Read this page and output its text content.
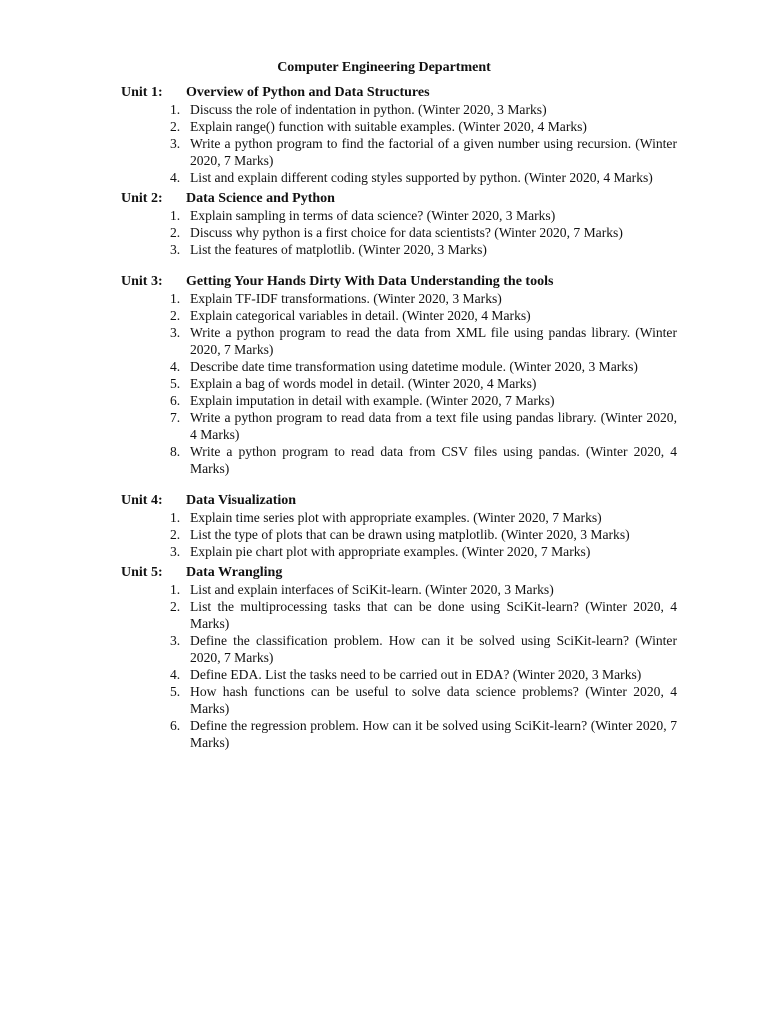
Computer Engineering Department
Unit 1:	Overview of Python and Data Structures
1. Discuss the role of indentation in python. (Winter 2020, 3 Marks)
2. Explain range() function with suitable examples. (Winter 2020, 4 Marks)
3. Write a python program to find the factorial of a given number using recursion. (Winter 2020, 7 Marks)
4. List and explain different coding styles supported by python. (Winter 2020, 4 Marks)
Unit 2:	Data Science and Python
1. Explain sampling in terms of data science? (Winter 2020, 3 Marks)
2. Discuss why python is a first choice for data scientists? (Winter 2020, 7 Marks)
3. List the features of matplotlib. (Winter 2020, 3 Marks)
Unit 3:	Getting Your Hands Dirty With Data Understanding the tools
1. Explain TF-IDF transformations. (Winter 2020, 3 Marks)
2. Explain categorical variables in detail. (Winter 2020, 4 Marks)
3. Write a python program to read the data from XML file using pandas library. (Winter 2020, 7 Marks)
4. Describe date time transformation using datetime module. (Winter 2020, 3 Marks)
5. Explain a bag of words model in detail. (Winter 2020, 4 Marks)
6. Explain imputation in detail with example. (Winter 2020, 7 Marks)
7. Write a python program to read data from a text file using pandas library. (Winter 2020, 4 Marks)
8. Write a python program to read data from CSV files using pandas. (Winter 2020, 4 Marks)
Unit 4:	Data Visualization
1. Explain time series plot with appropriate examples. (Winter 2020, 7 Marks)
2. List the type of plots that can be drawn using matplotlib. (Winter 2020, 3 Marks)
3. Explain pie chart plot with appropriate examples. (Winter 2020, 7 Marks)
Unit 5:	Data Wrangling
1. List and explain interfaces of SciKit-learn. (Winter 2020, 3 Marks)
2. List the multiprocessing tasks that can be done using SciKit-learn? (Winter 2020, 4 Marks)
3. Define the classification problem. How can it be solved using SciKit-learn? (Winter 2020, 7 Marks)
4. Define EDA. List the tasks need to be carried out in EDA? (Winter 2020, 3 Marks)
5. How hash functions can be useful to solve data science problems? (Winter 2020, 4 Marks)
6. Define the regression problem. How can it be solved using SciKit-learn? (Winter 2020, 7 Marks)
